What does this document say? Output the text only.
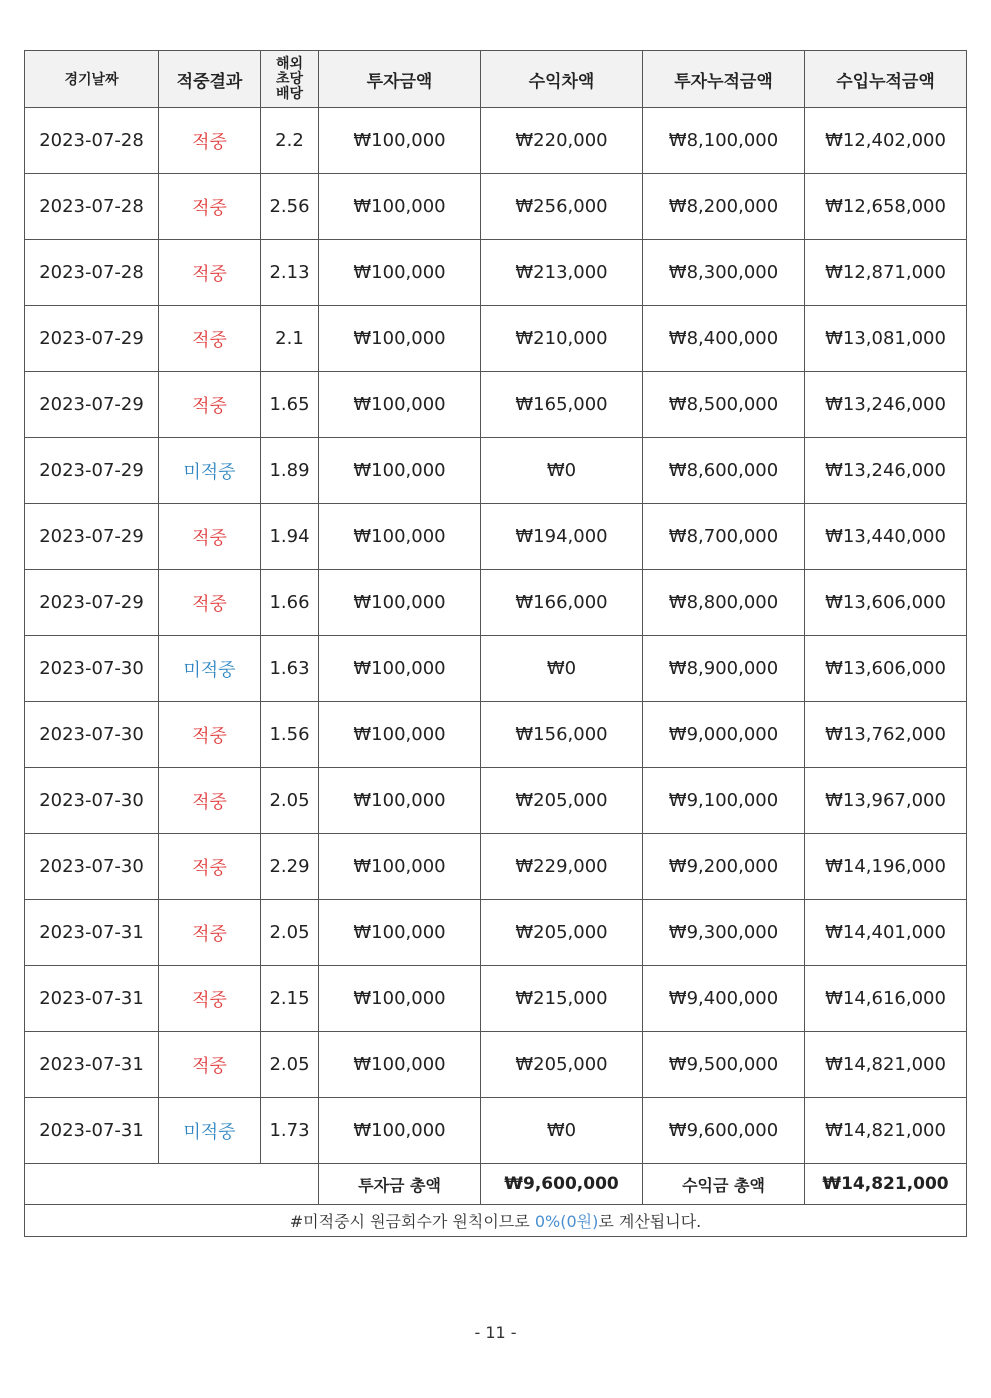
경기날짜	적중결과	해외
초당
배당	투자금액	수익차액	투자누적금액	수입누적금액
2023-07-28	적중	2.2	₩100,000	₩220,000	₩8,100,000	₩12,402,000
2023-07-28	적중	2.56	₩100,000	₩256,000	₩8,200,000	₩12,658,000
2023-07-28	적중	2.13	₩100,000	₩213,000	₩8,300,000	₩12,871,000
2023-07-29	적중	2.1	₩100,000	₩210,000	₩8,400,000	₩13,081,000
2023-07-29	적중	1.65	₩100,000	₩165,000	₩8,500,000	₩13,246,000
2023-07-29	미적중	1.89	₩100,000	₩0	₩8,600,000	₩13,246,000
2023-07-29	적중	1.94	₩100,000	₩194,000	₩8,700,000	₩13,440,000
2023-07-29	적중	1.66	₩100,000	₩166,000	₩8,800,000	₩13,606,000
2023-07-30	미적중	1.63	₩100,000	₩0	₩8,900,000	₩13,606,000
2023-07-30	적중	1.56	₩100,000	₩156,000	₩9,000,000	₩13,762,000
2023-07-30	적중	2.05	₩100,000	₩205,000	₩9,100,000	₩13,967,000
2023-07-30	적중	2.29	₩100,000	₩229,000	₩9,200,000	₩14,196,000
2023-07-31	적중	2.05	₩100,000	₩205,000	₩9,300,000	₩14,401,000
2023-07-31	적중	2.15	₩100,000	₩215,000	₩9,400,000	₩14,616,000
2023-07-31	적중	2.05	₩100,000	₩205,000	₩9,500,000	₩14,821,000
2023-07-31	미적중	1.73	₩100,000	₩0	₩9,600,000	₩14,821,000
			투자금 총액	₩9,600,000	수익금 총액	₩14,821,000
#미적중시 원금회수가 원칙이므로 0%(0원)로 계산됩니다.						
- 11 -
